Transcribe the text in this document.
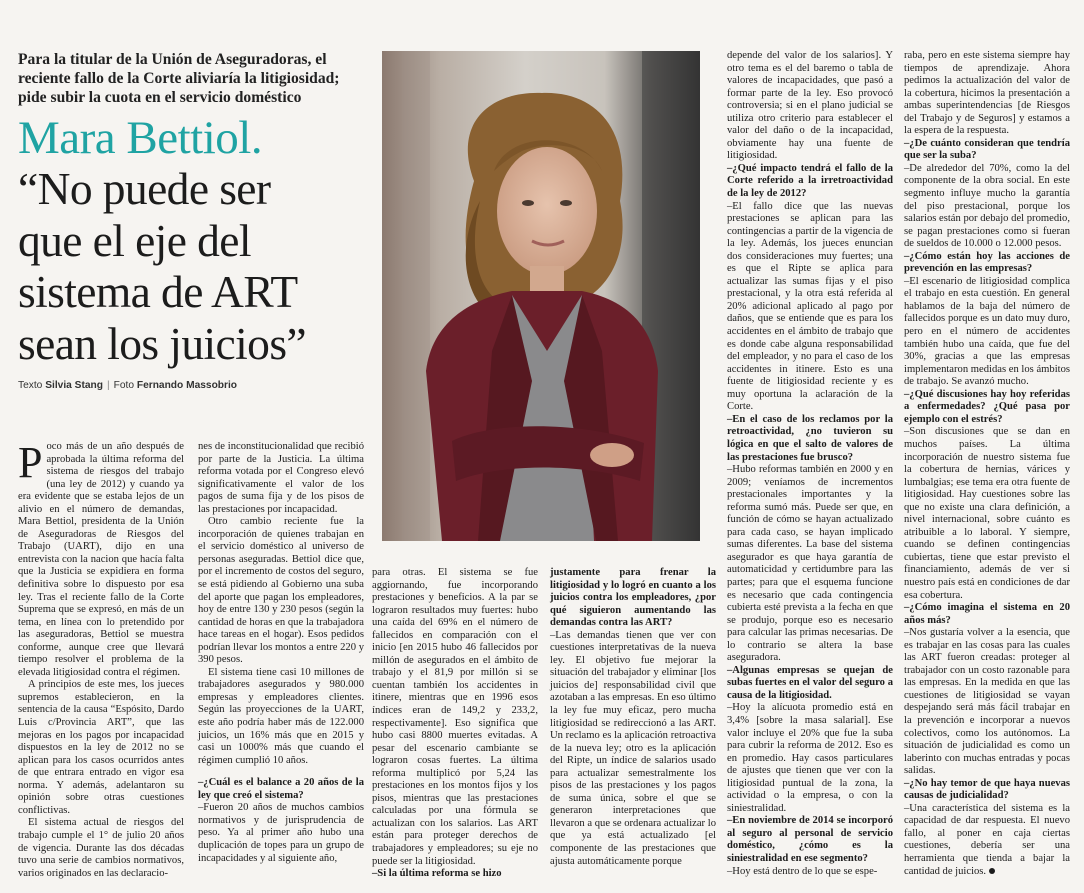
Para la titular de la Unión de Aseguradoras, el reciente fallo de la Corte aliviaría la litigiosidad; pide subir la cuota en el servicio doméstico
Mara Bettiol.
“No puede ser
que el eje del
sistema de ART
sean los juicios”
Texto Silvia Stang | Foto Fernando Massobrio

Poco más de un año después de aprobada la última reforma del sistema de riesgos del trabajo (una ley de 2012) y cuando ya era evidente que se estaba lejos de un alivio en el número de demandas, Mara Bettiol, presidenta de la Unión de Aseguradoras de Riesgos del Trabajo (UART), dijo en una entrevista con la nacion que hacía falta que la Justicia se expidiera en forma definitiva sobre lo dispuesto por esa ley. Tras el reciente fallo de la Corte Suprema que se expresó, en más de un tema, en línea con lo pretendido por las aseguradoras, Bettiol se muestra conforme, aunque cree que llevará tiempo resolver el problema de la elevada litigiosidad contra el régimen.

A principios de este mes, los jueces supremos establecieron, en la sentencia de la causa “Espósito, Dardo Luis c/Provincia ART”, que las mejoras en los pagos por incapacidad dispuestos en la ley de 2012 no se aplican para los casos ocurridos antes de que entrara entrado en vigor esa norma. Y además, adelantaron su opinión sobre otras cuestiones conflictivas.

El sistema actual de riesgos del trabajo cumple el 1° de julio 20 años de vigencia. Durante las dos décadas tuvo una serie de cambios normativos, varios originados en las declaracio-

nes de inconstitucionalidad que recibió por parte de la Justicia. La última reforma votada por el Congreso elevó significativamente el valor de los pagos de suma fija y de los pisos de las prestaciones por incapacidad.

Otro cambio reciente fue la incorporación de quienes trabajan en el servicio doméstico al universo de personas aseguradas. Bettiol dice que, por el incremento de costos del seguro, se está pidiendo al Gobierno una suba del aporte que pagan los empleadores, hoy de entre 130 y 230 pesos (según la cantidad de horas en que la trabajadora hace tareas en el hogar). Esos pedidos podrían llevar los montos a entre 220 y 390 pesos.

El sistema tiene casi 10 millones de trabajadores asegurados y 980.000 empresas y empleadores clientes. Según las proyecciones de la UART, este año podría haber más de 122.000 juicios, un 16% más que en 2015 y casi un 1000% más que cuando el régimen cumplió 10 años.

–¿Cuál es el balance a 20 años de la ley que creó el sistema?

–Fueron 20 años de muchos cambios normativos y de jurisprudencia de peso. Ya al primer año hubo una duplicación de topes para un grupo de incapacidades y al siguiente año,

para otras. El sistema se fue aggiornando, fue incorporando prestaciones y beneficios. A la par se lograron resultados muy fuertes: hubo una caída del 69% en el número de fallecidos en comparación con el inicio [en 2015 hubo 46 fallecidos por millón de asegurados en el ámbito de trabajo y el 81,9 por millón si se cuentan también los accidentes in itinere, mientras que en 1996 esos índices eran de 149,2 y 233,2, respectivamente]. Eso significa que hubo casi 8800 muertes evitadas. A pesar del escenario cambiante se lograron cosas fuertes. La última reforma multiplicó por 5,24 las prestaciones en los montos fijos y los pisos, mientras que las prestaciones calculadas por una fórmula se actualizan con los salarios. Las ART están para proteger derechos de trabajadores y empleadores; su eje no puede ser la litigiosidad.

–Si la última reforma se hizo

justamente para frenar la litigiosidad y lo logró en cuanto a los juicios contra los empleadores, ¿por qué siguieron aumentando las demandas contra las ART?

–Las demandas tienen que ver con cuestiones interpretativas de la nueva ley. El objetivo fue mejorar la situación del trabajador y eliminar [los juicios de] responsabilidad civil que azotaban a las empresas. En eso último la ley fue muy eficaz, pero mucha litigiosidad se redireccionó a las ART. Un reclamo es la aplicación retroactiva de la nueva ley; otro es la aplicación del Ripte, un índice de salarios usado para actualizar semestralmente los pisos de las prestaciones y los pagos de suma única, sobre el que se generaron interpretaciones que llevaron a que se ordenara actualizar lo que ya está actualizado [el componente de las prestaciones que ajusta automáticamente porque

depende del valor de los salarios]. Y otro tema es el del baremo o tabla de valores de incapacidades, que pasó a formar parte de la ley. Eso provocó controversia; si en el plano judicial se utiliza otro criterio para establecer el valor del daño o de la incapacidad, obviamente hay una fuente de litigiosidad.

–¿Qué impacto tendrá el fallo de la Corte referido a la irretroactividad de la ley de 2012?

–El fallo dice que las nuevas prestaciones se aplican para las contingencias a partir de la vigencia de la ley. Además, los jueces enuncian dos consideraciones muy fuertes; una es que el Ripte se aplica para actualizar las sumas fijas y el piso prestacional, y la otra está referida al 20% adicional aplicado al pago por daños, que se entiende que es para los accidentes en el ámbito de trabajo que es donde cabe alguna responsabilidad del empleador, y no para el caso de los accidentes in itinere. Esto es una fuente de litigiosidad reciente y es muy oportuna la aclaración de la Corte.

–En el caso de los reclamos por la retroactividad, ¿no tuvieron su lógica en que el salto de valores de las prestaciones fue brusco?

–Hubo reformas también en 2000 y en 2009; veníamos de incrementos prestacionales importantes y la reforma sumó más. Puede ser que, en función de cómo se hayan actualizado para cada caso, se hayan implicado sumas diferentes. La base del sistema asegurador es que haya garantía de automaticidad y certidumbre para las partes; para que el esquema funcione es necesario que cada contingencia cubierta esté prevista a la fecha en que se produjo, porque eso es necesario para calcular las primas necesarias. De lo contrario se altera la base aseguradora.

–Algunas empresas se quejan de subas fuertes en el valor del seguro a causa de la litigiosidad.

–Hoy la alícuota promedio está en 3,4% [sobre la masa salarial]. Ese valor incluye el 20% que fue la suba para cubrir la reforma de 2012. Eso es en promedio. Hay casos particulares de ajustes que tienen que ver con la litigiosidad puntual de la zona, la actividad o la empresa, o con la siniestralidad.

–En noviembre de 2014 se incorporó al seguro al personal de servicio doméstico, ¿cómo es la siniestralidad en ese segmento?

–Hoy está dentro de lo que se espe-

raba, pero en este sistema siempre hay tiempos de aprendizaje. Ahora pedimos la actualización del valor de la cobertura, hicimos la presentación a ambas superintendencias [de Riesgos del Trabajo y de Seguros] y estamos a la espera de la respuesta.

–¿De cuánto consideran que tendría que ser la suba?

–De alrededor del 70%, como la del componente de la obra social. En este segmento influye mucho la garantía del piso prestacional, porque los salarios están por debajo del promedio, se pagan prestaciones como si fueran de sueldos de 10.000 o 12.000 pesos.

–¿Cómo están hoy las acciones de prevención en las empresas?

–El escenario de litigiosidad complica el trabajo en esta cuestión. En general hablamos de la baja del número de fallecidos porque es un dato muy duro, pero en el número de accidentes también hubo una caída, que fue del 30%, gracias a que las empresas implementaron medidas en los ámbitos de trabajo. Se avanzó mucho.

–¿Qué discusiones hay hoy referidas a enfermedades? ¿Qué pasa por ejemplo con el estrés?

–Son discusiones que se dan en muchos países. La última incorporación de nuestro sistema fue la cobertura de hernias, várices y lumbalgias; ese tema era otra fuente de litigiosidad. Hay cuestiones sobre las que no existe una clara definición, a nivel internacional, sobre cuánto es atribuible a lo laboral. Y siempre, cuando se definen contingencias cubiertas, tiene que estar previsto el financiamiento, además de ver si nuestro país está en condiciones de dar esa cobertura.

–¿Cómo imagina el sistema en 20 años más?

–Nos gustaría volver a la esencia, que es trabajar en las cosas para las cuales las ART fueron creadas: proteger al trabajador con un costo razonable para las empresas. En la medida en que las cuestiones de litigiosidad se vayan despejando será más fácil trabajar en la prevención e incorporar a nuevos colectivos, como los autónomos. La situación de judicialidad es como un laberinto con muchas entradas y pocas salidas.

–¿No hay temor de que haya nuevas causas de judicialidad?

–Una característica del sistema es la capacidad de dar respuesta. El nuevo fallo, al poner en caja ciertas cuestiones, debería ser una herramienta que tienda a bajar la cantidad de juicios.
